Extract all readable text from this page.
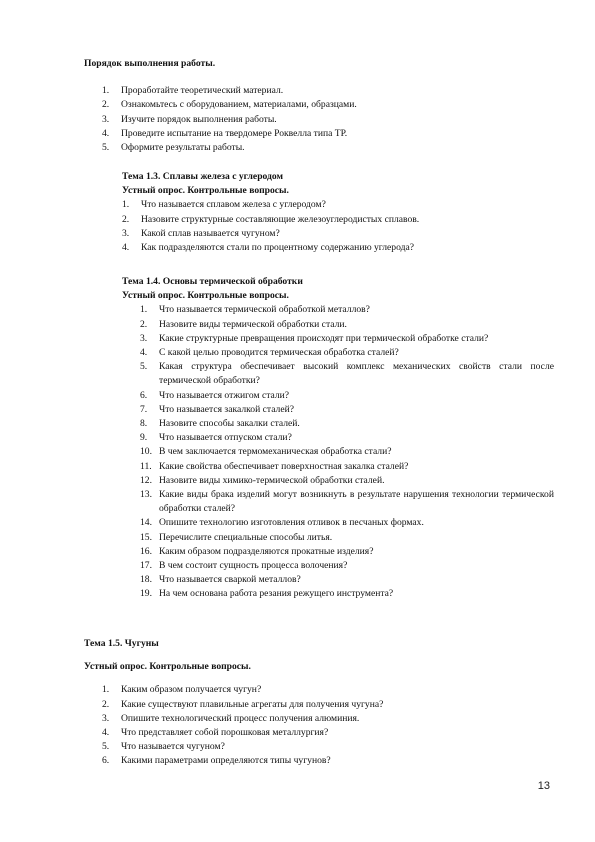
Порядок выполнения работы.
1. Проработайте теоретический материал.
2. Ознакомьтесь с оборудованием, материалами, образцами.
3. Изучите порядок выполнения работы.
4. Проведите испытание на твердомере Роквелла типа ТР.
5. Оформите результаты работы.
Тема 1.3. Сплавы железа с углеродом
Устный опрос. Контрольные вопросы.
1. Что называется сплавом железа с углеродом?
2. Назовите структурные составляющие железоуглеродистых сплавов.
3. Какой сплав называется чугуном?
4. Как подразделяются стали по процентному содержанию углерода?
Тема 1.4. Основы термической обработки
Устный опрос. Контрольные вопросы.
1. Что называется термической обработкой металлов?
2. Назовите виды термической обработки стали.
3. Какие структурные превращения происходят при термической обработке стали?
4. С какой целью проводится термическая обработка сталей?
5. Какая структура обеспечивает высокий комплекс механических свойств стали после термической обработки?
6. Что называется отжигом стали?
7. Что называется закалкой сталей?
8. Назовите способы закалки сталей.
9. Что называется отпуском стали?
10. В чем заключается термомеханическая обработка стали?
11. Какие свойства обеспечивает поверхностная закалка сталей?
12. Назовите виды химико-термической обработки сталей.
13. Какие виды брака изделий могут возникнуть в результате нарушения технологии термической обработки сталей?
14. Опишите технологию изготовления отливок в песчаных формах.
15. Перечислите специальные способы литья.
16. Каким образом подразделяются прокатные изделия?
17. В чем состоит сущность процесса волочения?
18. Что называется сваркой металлов?
19. На чем основана работа резания режущего инструмента?
Тема 1.5. Чугуны
Устный опрос. Контрольные вопросы.
1. Каким образом получается чугун?
2. Какие существуют плавильные агрегаты для получения чугуна?
3. Опишите технологический процесс получения алюминия.
4. Что представляет собой порошковая металлургия?
5. Что называется чугуном?
6. Какими параметрами определяются типы чугунов?
13
